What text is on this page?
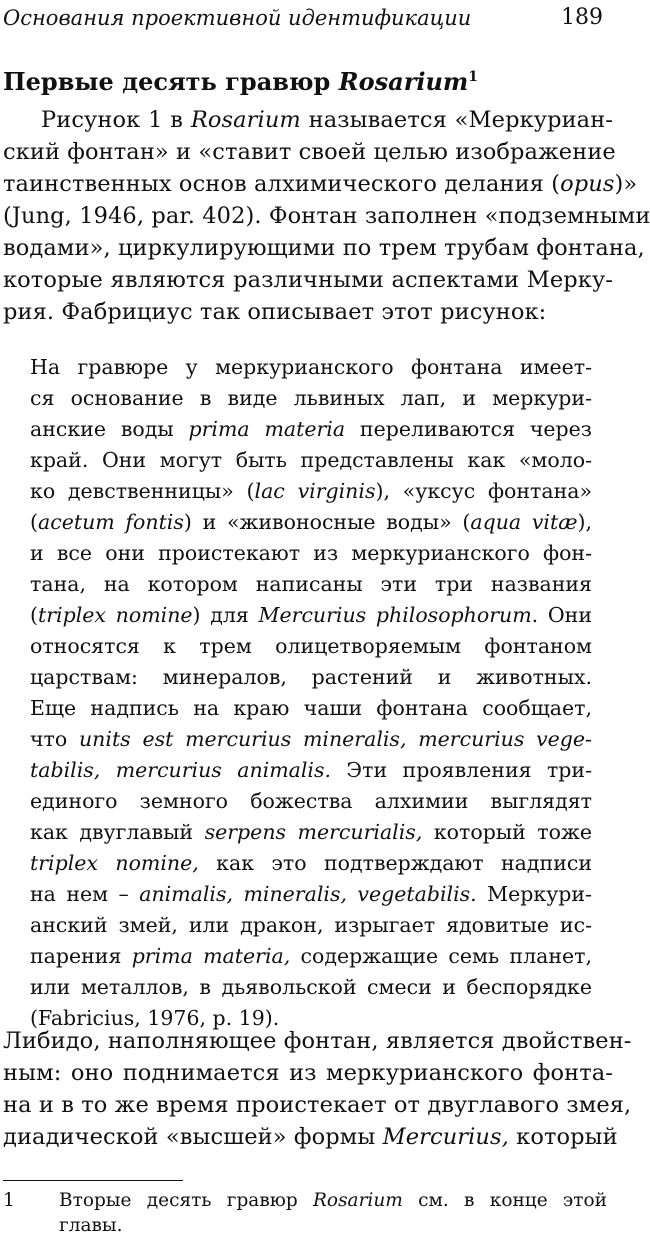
Основания проективной идентификации	189
Первые десять гравюр Rosarium$^1$
Рисунок 1 в Rosarium называется «Меркуриан-
ский фонтан» и «ставит своей целью изображение
таинственных основ алхимического делания (opus)»
(Jung, 1946, par. 402). Фонтан заполнен «подземными
водами», циркулирующими по трем трубам фонтана,
которые являются различными аспектами Мерку-
рия. Фабрициус так описывает этот рисунок:
На гравюре у меркурианского фонтана имеет-
ся основание в виде львиных лап, и меркури-
анские воды prima materia переливаются через
край. Они могут быть представлены как «моло-
ко девственницы» (lac virginis), «уксус фонтана»
(acetum fontis) и «живоносные воды» (aqua vitæ),
и все они проистекают из меркурианского фон-
тана, на котором написаны эти три названия
(triplex nomine) для Mercurius philosophorum. Они
относятся к трем олицетворяемым фонтаном
царствам: минералов, растений и животных.
Еще надпись на краю чаши фонтана сообщает,
что units est mercurius mineralis, mercurius vege-
tabilis, mercurius animalis. Эти проявления три-
единого земного божества алхимии выглядят
как двуглавый serpens mercurialis, который тоже
triplex nomine, как это подтверждают надписи
на нем – animalis, mineralis, vegetabilis. Меркури-
анский змей, или дракон, изрыгает ядовитые ис-
парения prima materia, содержащие семь планет,
или металлов, в дьявольской смеси и беспорядке
(Fabricius, 1976, p. 19).
Либидо, наполняющее фонтан, является двойствен-
ным: оно поднимается из меркурианского фонта-
на и в то же время проистекает от двуглавого змея,
диадической «высшей» формы Mercurius, который
1 Вторые десять гравюр Rosarium см. в конце этой
главы.
